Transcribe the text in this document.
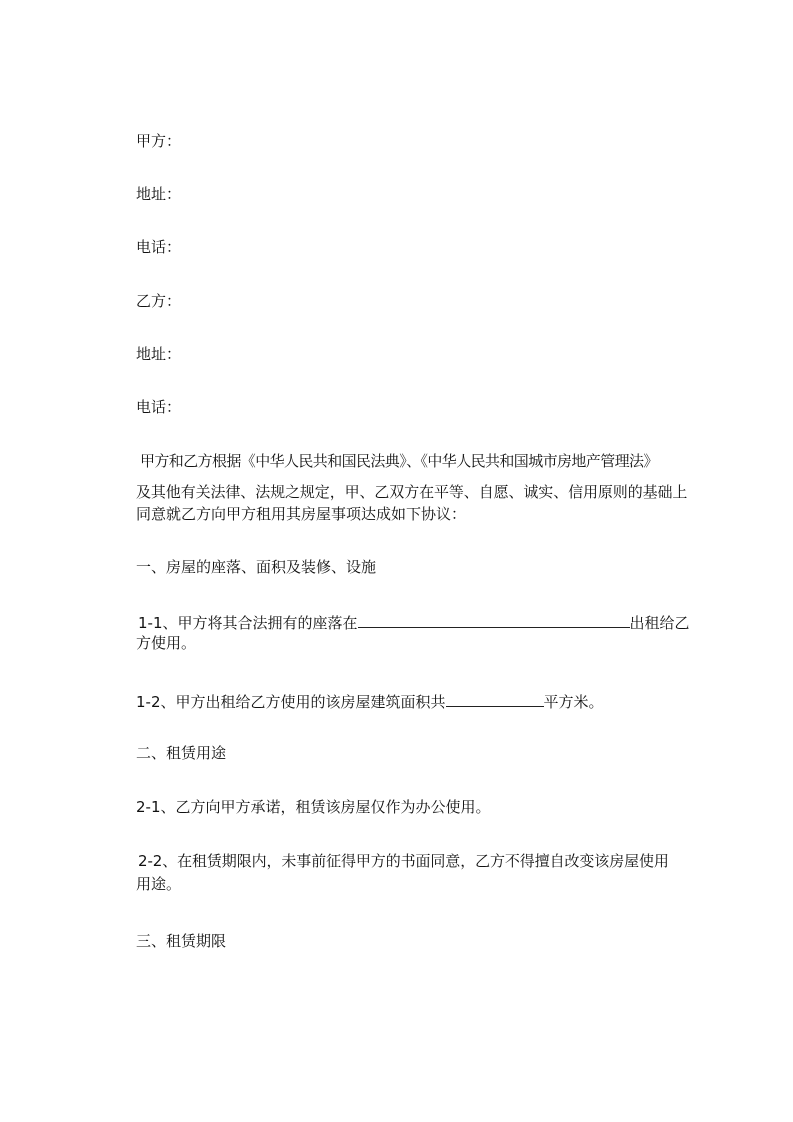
甲方：

地址：

电话：

乙方：

地址：

电话：

甲方和乙方根据《中华人民共和国民法典》、《中华人民共和国城市房地产管理法》

及其他有关法律、法规之规定，甲、乙双方在平等、自愿、诚实、信用原则的基础上

同意就乙方向甲方租用其房屋事项达成如下协议：

一、房屋的座落、面积及装修、设施

1-1、甲方将其合法拥有的座落在	出租给乙

方使用。

1-2、甲方出租给乙方使用的该房屋建筑面积共	平方米。

二、租赁用途

2-1、乙方向甲方承诺，租赁该房屋仅作为办公使用。

2-2、在租赁期限内，未事前征得甲方的书面同意，乙方不得擅自改变该房屋使用

用途。

三、租赁期限
